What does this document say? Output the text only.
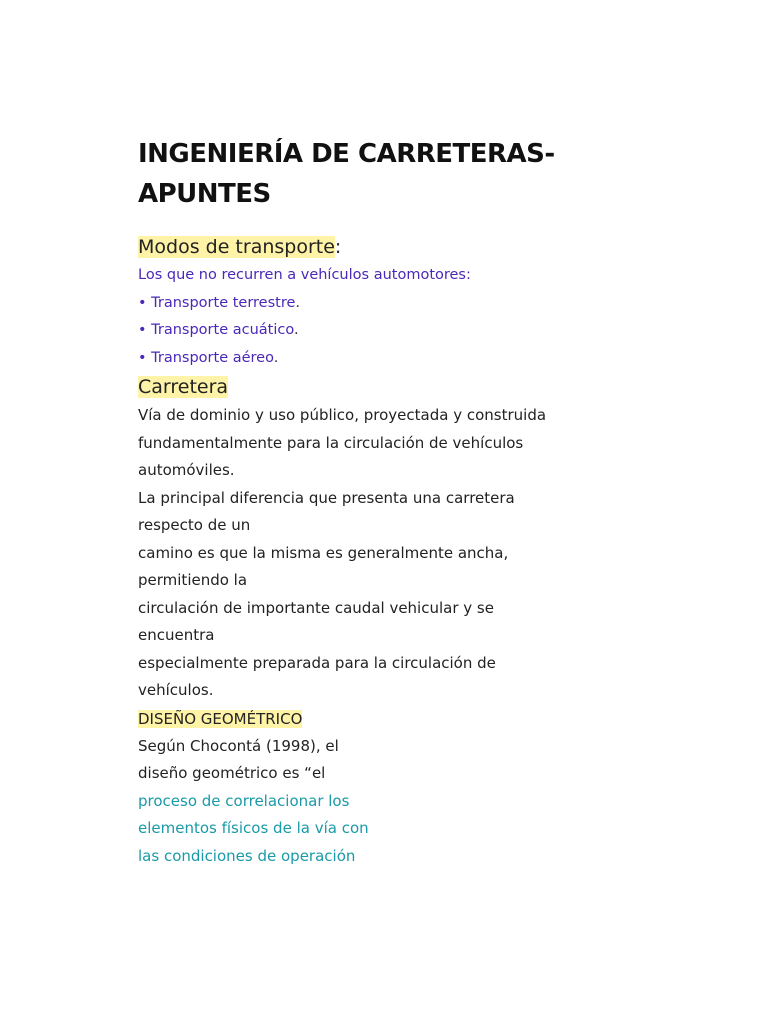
INGENIERÍA DE CARRETERAS-
APUNTES
Modos de transporte:
Los que no recurren a vehículos automotores:
• Transporte terrestre.
• Transporte acuático.
• Transporte aéreo.
Carretera
Vía de dominio y uso público, proyectada y construida
fundamentalmente para la circulación de vehículos
automóviles.
La principal diferencia que presenta una carretera
respecto de un
camino es que la misma es generalmente ancha,
permitiendo la
circulación de importante caudal vehicular y se
encuentra
especialmente preparada para la circulación de
vehículos.
DISEÑO GEOMÉTRICO
Según Chocontá (1998), el
diseño geométrico es “el
proceso de correlacionar los
elementos físicos de la vía con
las condiciones de operación
